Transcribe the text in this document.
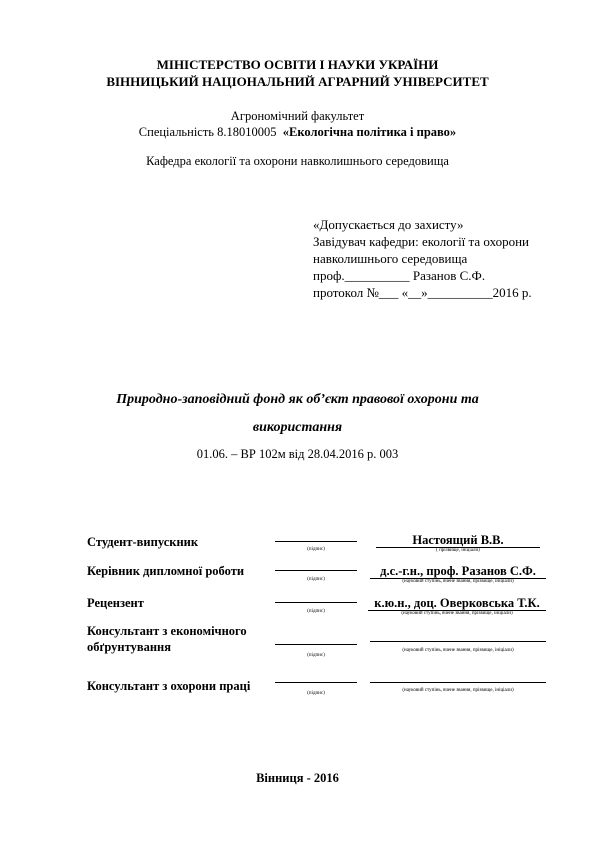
МІНІСТЕРСТВО ОСВІТИ І НАУКИ УКРАЇНИ
ВІННИЦЬКИЙ НАЦІОНАЛЬНИЙ АГРАРНИЙ УНІВЕРСИТЕТ
Агрономічний факультет
Спеціальність 8.18010005 «Екологічна політика і право»
Кафедра екології та охорони навколишнього середовища
«Допускається до захисту»
Завідувач кафедри: екології та охорони
навколишнього середовища
проф.__________ Разанов С.Ф.
протокол №___ «__»__________2016 р.
Природно-заповідний фонд як об’єкт правової охорони та
використання
01.06. – ВР 102м від 28.04.2016 р. 003
Студент-випускник
(підпис)
Настоящий В.В.
( прізвище, ініціали)
Керівник дипломної роботи
(підпис)
д.с.-г.н., проф. Разанов С.Ф.
(науковий ступінь, вчене звання, прізвище, ініціали)
Рецензент
(підпис)
к.ю.н., доц. Оверковська Т.К.
(науковий ступінь, вчене звання, прізвище, ініціали)
Консультант з економічного
обґрунтування
(підпис)
(науковий ступінь, вчене звання, прізвище, ініціали)
Консультант з охорони праці
(підпис)
(науковий ступінь, вчене звання, прізвище, ініціали)
Вінниця - 2016
